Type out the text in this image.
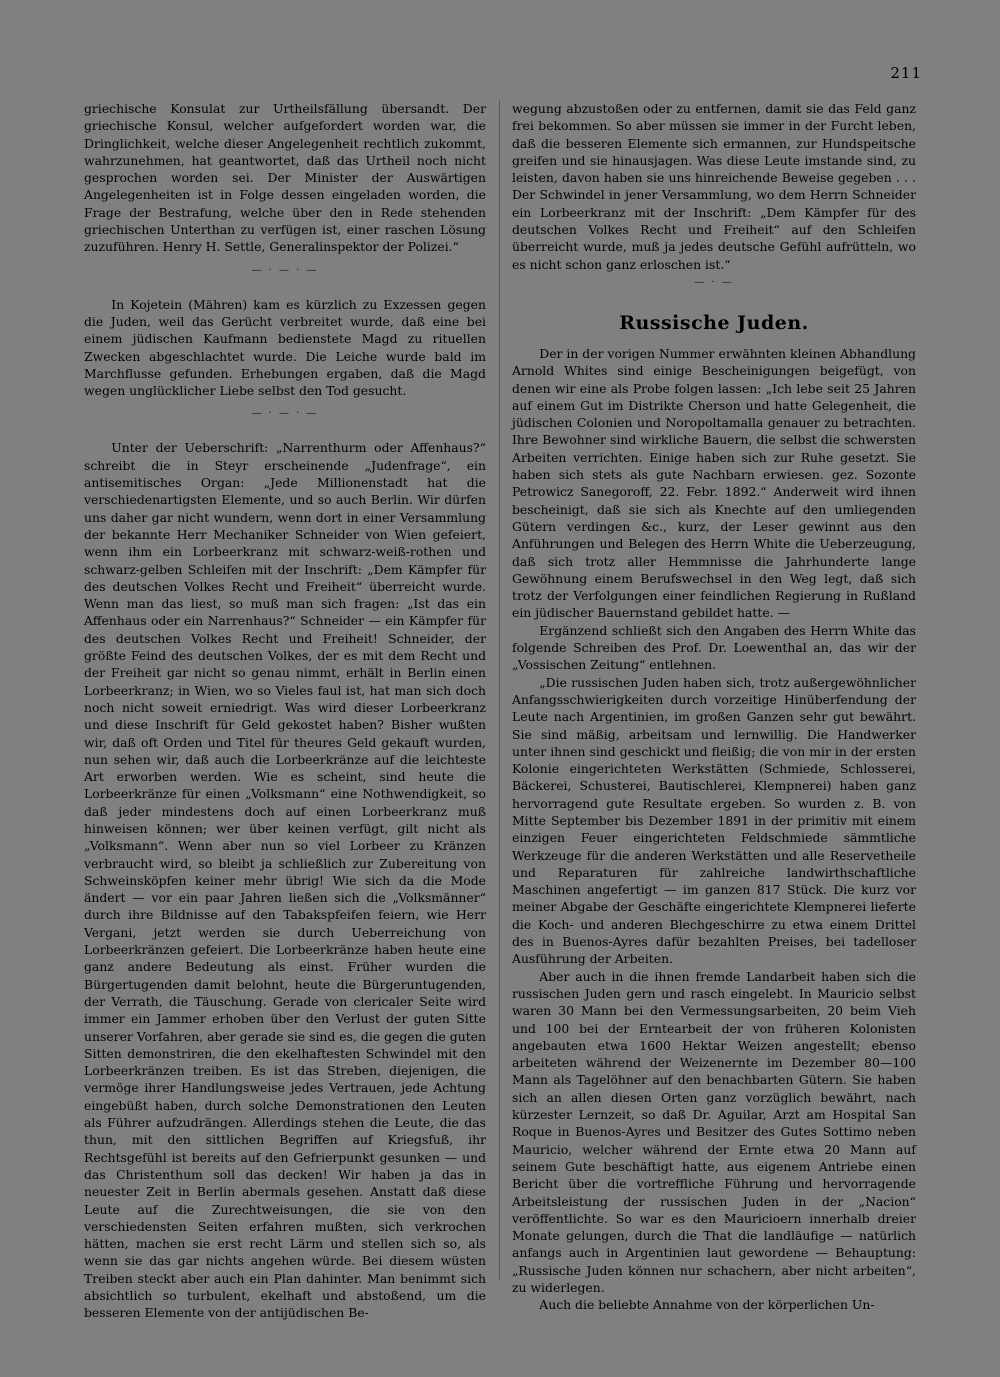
211

griechische Konsulat zur Urtheilsfällung übersandt. Der griechische Konsul, welcher aufgefordert worden war, die Dringlichkeit, welche dieser Angelegenheit rechtlich zukommt, wahrzunehmen, hat geantwortet, daß das Urtheil noch nicht gesprochen worden sei. Der Minister der Auswärtigen Angelegenheiten ist in Folge dessen eingeladen worden, die Frage der Bestrafung, welche über den in Rede stehenden griechischen Unterthan zu verfügen ist, einer raschen Lösung zuzuführen. Henry H. Settle, Generalinspektor der Polizei.“

— · — · —

In Kojetein (Mähren) kam es kürzlich zu Exzessen gegen die Juden, weil das Gerücht verbreitet wurde, daß eine bei einem jüdischen Kaufmann bedienstete Magd zu rituellen Zwecken abgeschlachtet wurde. Die Leiche wurde bald im Marchflusse gefunden. Erhebungen ergaben, daß die Magd wegen unglücklicher Liebe selbst den Tod gesucht.

— · — · —

Unter der Ueberschrift: „Narrenthurm oder Affenhaus?“ schreibt die in Steyr erscheinende „Judenfrage“, ein antisemitisches Organ: „Jede Millionenstadt hat die verschiedenartigsten Elemente, und so auch Berlin. Wir dürfen uns daher gar nicht wundern, wenn dort in einer Versammlung der bekannte Herr Mechaniker Schneider von Wien gefeiert, wenn ihm ein Lorbeerkranz mit schwarz-weiß-rothen und schwarz-gelben Schleifen mit der Inschrift: „Dem Kämpfer für des deutschen Volkes Recht und Freiheit“ überreicht wurde. Wenn man das liest, so muß man sich fragen: „Ist das ein Affenhaus oder ein Narrenhaus?“ Schneider — ein Kämpfer für des deutschen Volkes Recht und Freiheit! Schneider, der größte Feind des deutschen Volkes, der es mit dem Recht und der Freiheit gar nicht so genau nimmt, erhält in Berlin einen Lorbeerkranz; in Wien, wo so Vieles faul ist, hat man sich doch noch nicht soweit erniedrigt. Was wird dieser Lorbeerkranz und diese Inschrift für Geld gekostet haben? Bisher wußten wir, daß oft Orden und Titel für theures Geld gekauft wurden, nun sehen wir, daß auch die Lorbeerkränze auf die leichteste Art erworben werden. Wie es scheint, sind heute die Lorbeerkränze für einen „Volksmann“ eine Nothwendigkeit, so daß jeder mindestens doch auf einen Lorbeerkranz muß hinweisen können; wer über keinen verfügt, gilt nicht als „Volksmann“. Wenn aber nun so viel Lorbeer zu Kränzen verbraucht wird, so bleibt ja schließlich zur Zubereitung von Schweinsköpfen keiner mehr übrig! Wie sich da die Mode ändert — vor ein paar Jahren ließen sich die „Volksmänner“ durch ihre Bildnisse auf den Tabakspfeifen feiern, wie Herr Vergani, jetzt werden sie durch Ueberreichung von Lorbeerkränzen gefeiert. Die Lorbeerkränze haben heute eine ganz andere Bedeutung als einst. Früher wurden die Bürgertugenden damit belohnt, heute die Bürgeruntugenden, der Verrath, die Täuschung. Gerade von clericaler Seite wird immer ein Jammer erhoben über den Verlust der guten Sitte unserer Vorfahren, aber gerade sie sind es, die gegen die guten Sitten demonstriren, die den ekelhaftesten Schwindel mit den Lorbeerkränzen treiben. Es ist das Streben, diejenigen, die vermöge ihrer Handlungsweise jedes Vertrauen, jede Achtung eingebüßt haben, durch solche Demonstrationen den Leuten als Führer aufzudrängen. Allerdings stehen die Leute, die das thun, mit den sittlichen Begriffen auf Kriegsfuß, ihr Rechtsgefühl ist bereits auf den Gefrierpunkt gesunken — und das Christenthum soll das decken! Wir haben ja das in neuester Zeit in Berlin abermals gesehen. Anstatt daß diese Leute auf die Zurechtweisungen, die sie von den verschiedensten Seiten erfahren mußten, sich verkrochen hätten, machen sie erst recht Lärm und stellen sich so, als wenn sie das gar nichts angehen würde. Bei diesem wüsten Treiben steckt aber auch ein Plan dahinter. Man benimmt sich absichtlich so turbulent, ekelhaft und abstoßend, um die besseren Elemente von der antijüdischen Be-

wegung abzustoßen oder zu entfernen, damit sie das Feld ganz frei bekommen. So aber müssen sie immer in der Furcht leben, daß die besseren Elemente sich ermannen, zur Hundspeitsche greifen und sie hinausjagen. Was diese Leute imstande sind, zu leisten, davon haben sie uns hinreichende Beweise gegeben . . . Der Schwindel in jener Versammlung, wo dem Herrn Schneider ein Lorbeerkranz mit der Inschrift: „Dem Kämpfer für des deutschen Volkes Recht und Freiheit“ auf den Schleifen überreicht wurde, muß ja jedes deutsche Gefühl aufrütteln, wo es nicht schon ganz erloschen ist.“

— · —
Russische Juden.

Der in der vorigen Nummer erwähnten kleinen Abhandlung Arnold Whites sind einige Bescheinigungen beigefügt, von denen wir eine als Probe folgen lassen: „Ich lebe seit 25 Jahren auf einem Gut im Distrikte Cherson und hatte Gelegenheit, die jüdischen Colonien und Noropoltamalla genauer zu betrachten. Ihre Bewohner sind wirkliche Bauern, die selbst die schwersten Arbeiten verrichten. Einige haben sich zur Ruhe gesetzt. Sie haben sich stets als gute Nachbarn erwiesen. gez. Sozonte Petrowicz Sanegoroff, 22. Febr. 1892.“ Anderweit wird ihnen bescheinigt, daß sie sich als Knechte auf den umliegenden Gütern verdingen &c., kurz, der Leser gewinnt aus den Anführungen und Belegen des Herrn White die Ueberzeugung, daß sich trotz aller Hemmnisse die Jahrhunderte lange Gewöhnung einem Berufswechsel in den Weg legt, daß sich trotz der Verfolgungen einer feindlichen Regierung in Rußland ein jüdischer Bauernstand gebildet hatte. —

Ergänzend schließt sich den Angaben des Herrn White das folgende Schreiben des Prof. Dr. Loewenthal an, das wir der „Vossischen Zeitung“ entlehnen.

„Die russischen Juden haben sich, trotz außergewöhnlicher Anfangsschwierigkeiten durch vorzeitige Hinüberfendung der Leute nach Argentinien, im großen Ganzen sehr gut bewährt. Sie sind mäßig, arbeitsam und lernwillig. Die Handwerker unter ihnen sind geschickt und fleißig; die von mir in der ersten Kolonie eingerichteten Werkstätten (Schmiede, Schlosserei, Bäckerei, Schusterei, Bautischlerei, Klempnerei) haben ganz hervorragend gute Resultate ergeben. So wurden z. B. von Mitte September bis Dezember 1891 in der primitiv mit einem einzigen Feuer eingerichteten Feldschmiede sämmtliche Werkzeuge für die anderen Werkstätten und alle Reservetheile und Reparaturen für zahlreiche landwirthschaftliche Maschinen angefertigt — im ganzen 817 Stück. Die kurz vor meiner Abgabe der Geschäfte eingerichtete Klempnerei lieferte die Koch- und anderen Blechgeschirre zu etwa einem Drittel des in Buenos-Ayres dafür bezahlten Preises, bei tadelloser Ausführung der Arbeiten.

Aber auch in die ihnen fremde Landarbeit haben sich die russischen Juden gern und rasch eingelebt. In Mauricio selbst waren 30 Mann bei den Vermessungsarbeiten, 20 beim Vieh und 100 bei der Erntearbeit der von früheren Kolonisten angebauten etwa 1600 Hektar Weizen angestellt; ebenso arbeiteten während der Weizenernte im Dezember 80—100 Mann als Tagelöhner auf den benachbarten Gütern. Sie haben sich an allen diesen Orten ganz vorzüglich bewährt, nach kürzester Lernzeit, so daß Dr. Aguilar, Arzt am Hospital San Roque in Buenos-Ayres und Besitzer des Gutes Sottimo neben Mauricio, welcher während der Ernte etwa 20 Mann auf seinem Gute beschäftigt hatte, aus eigenem Antriebe einen Bericht über die vortreffliche Führung und hervorragende Arbeitsleistung der russischen Juden in der „Nacion“ veröffentlichte. So war es den Mauricioern innerhalb dreier Monate gelungen, durch die That die landläufige — natürlich anfangs auch in Argentinien laut gewordene — Behauptung: „Russische Juden können nur schachern, aber nicht arbeiten“, zu widerlegen.

Auch die beliebte Annahme von der körperlichen Un-
